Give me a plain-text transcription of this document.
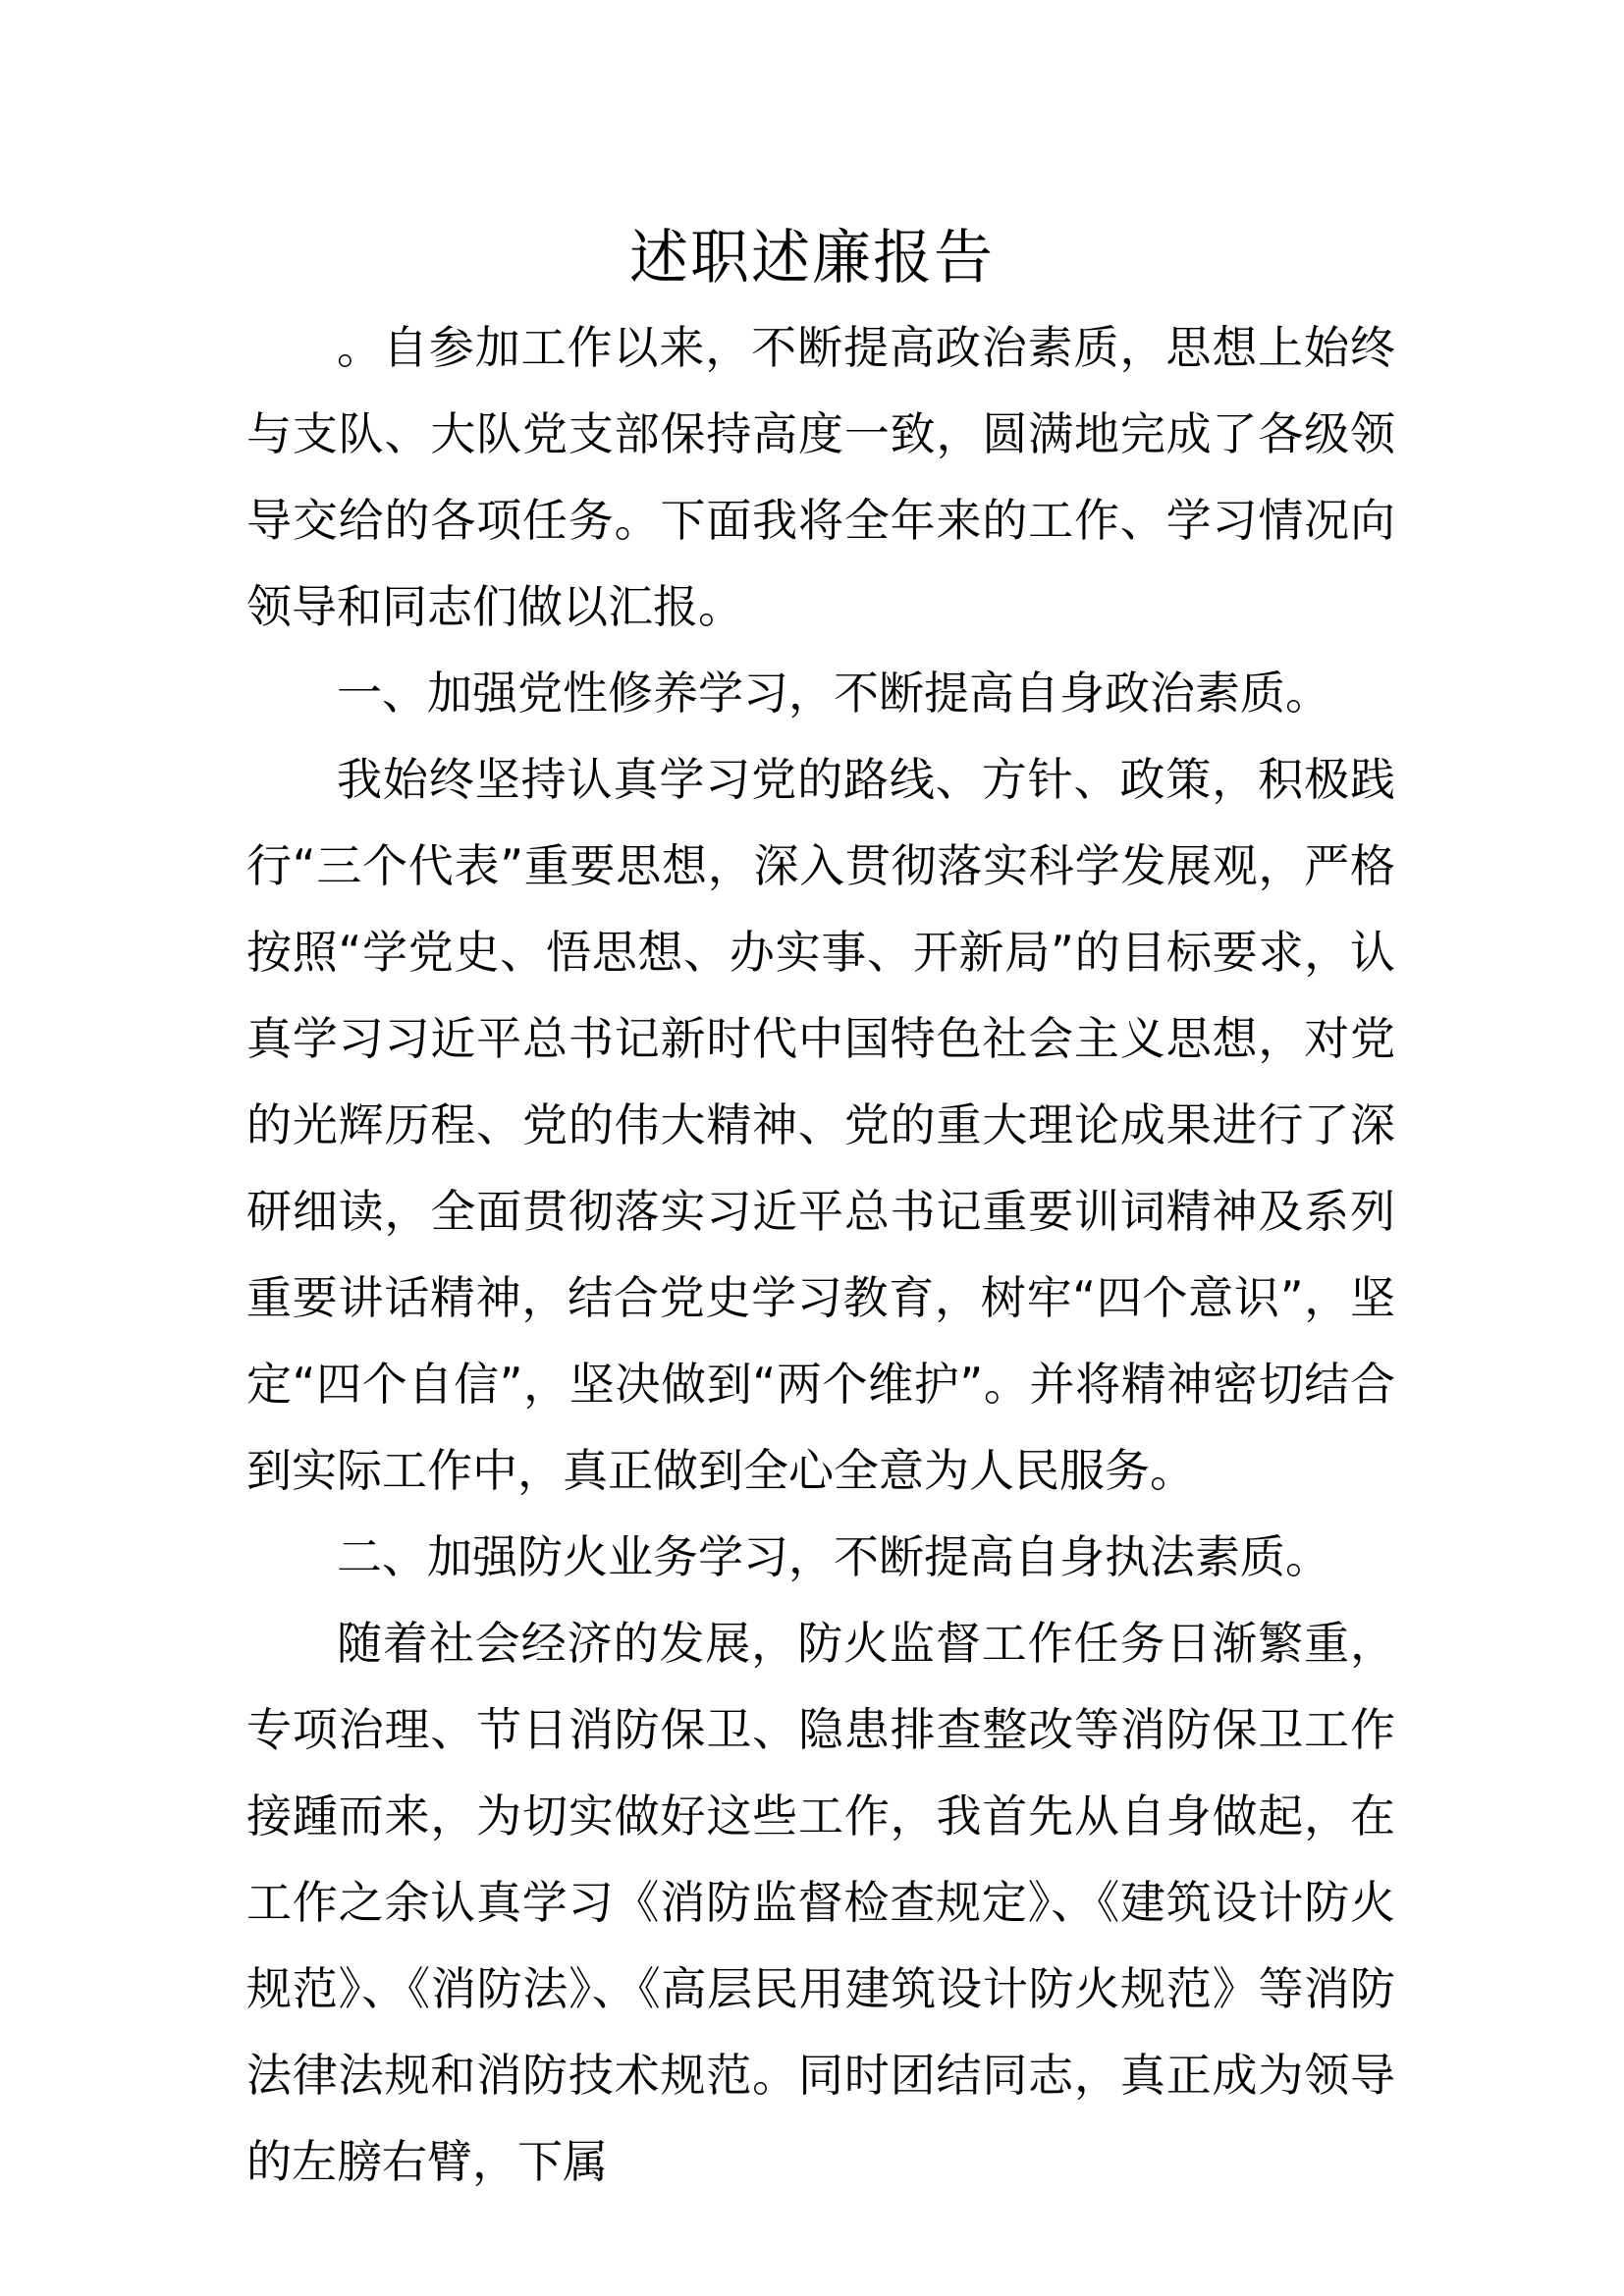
述职述廉报告

。自参加工作以来，不断提高政治素质，思想上始终与支队、大队党支部保持高度一致，圆满地完成了各级领导交给的各项任务。下面我将全年来的工作、学习情况向领导和同志们做以汇报。

一、加强党性修养学习，不断提高自身政治素质。

我始终坚持认真学习党的路线、方针、政策，积极践行“三个代表”重要思想，深入贯彻落实科学发展观，严格按照“学党史、悟思想、办实事、开新局”的目标要求，认真学习习近平总书记新时代中国特色社会主义思想，对党的光辉历程、党的伟大精神、党的重大理论成果进行了深研细读，全面贯彻落实习近平总书记重要训词精神及系列重要讲话精神，结合党史学习教育，树牢“四个意识”，坚定“四个自信”，坚决做到“两个维护”。并将精神密切结合到实际工作中，真正做到全心全意为人民服务。

二、加强防火业务学习，不断提高自身执法素质。

随着社会经济的发展，防火监督工作任务日渐繁重，专项治理、节日消防保卫、隐患排查整改等消防保卫工作接踵而来，为切实做好这些工作，我首先从自身做起，在工作之余认真学习《消防监督检查规定》、《建筑设计防火规范》、《消防法》、《高层民用建筑设计防火规范》等消防法律法规和消防技术规范。同时团结同志，真正成为领导的左膀右臂，下属
